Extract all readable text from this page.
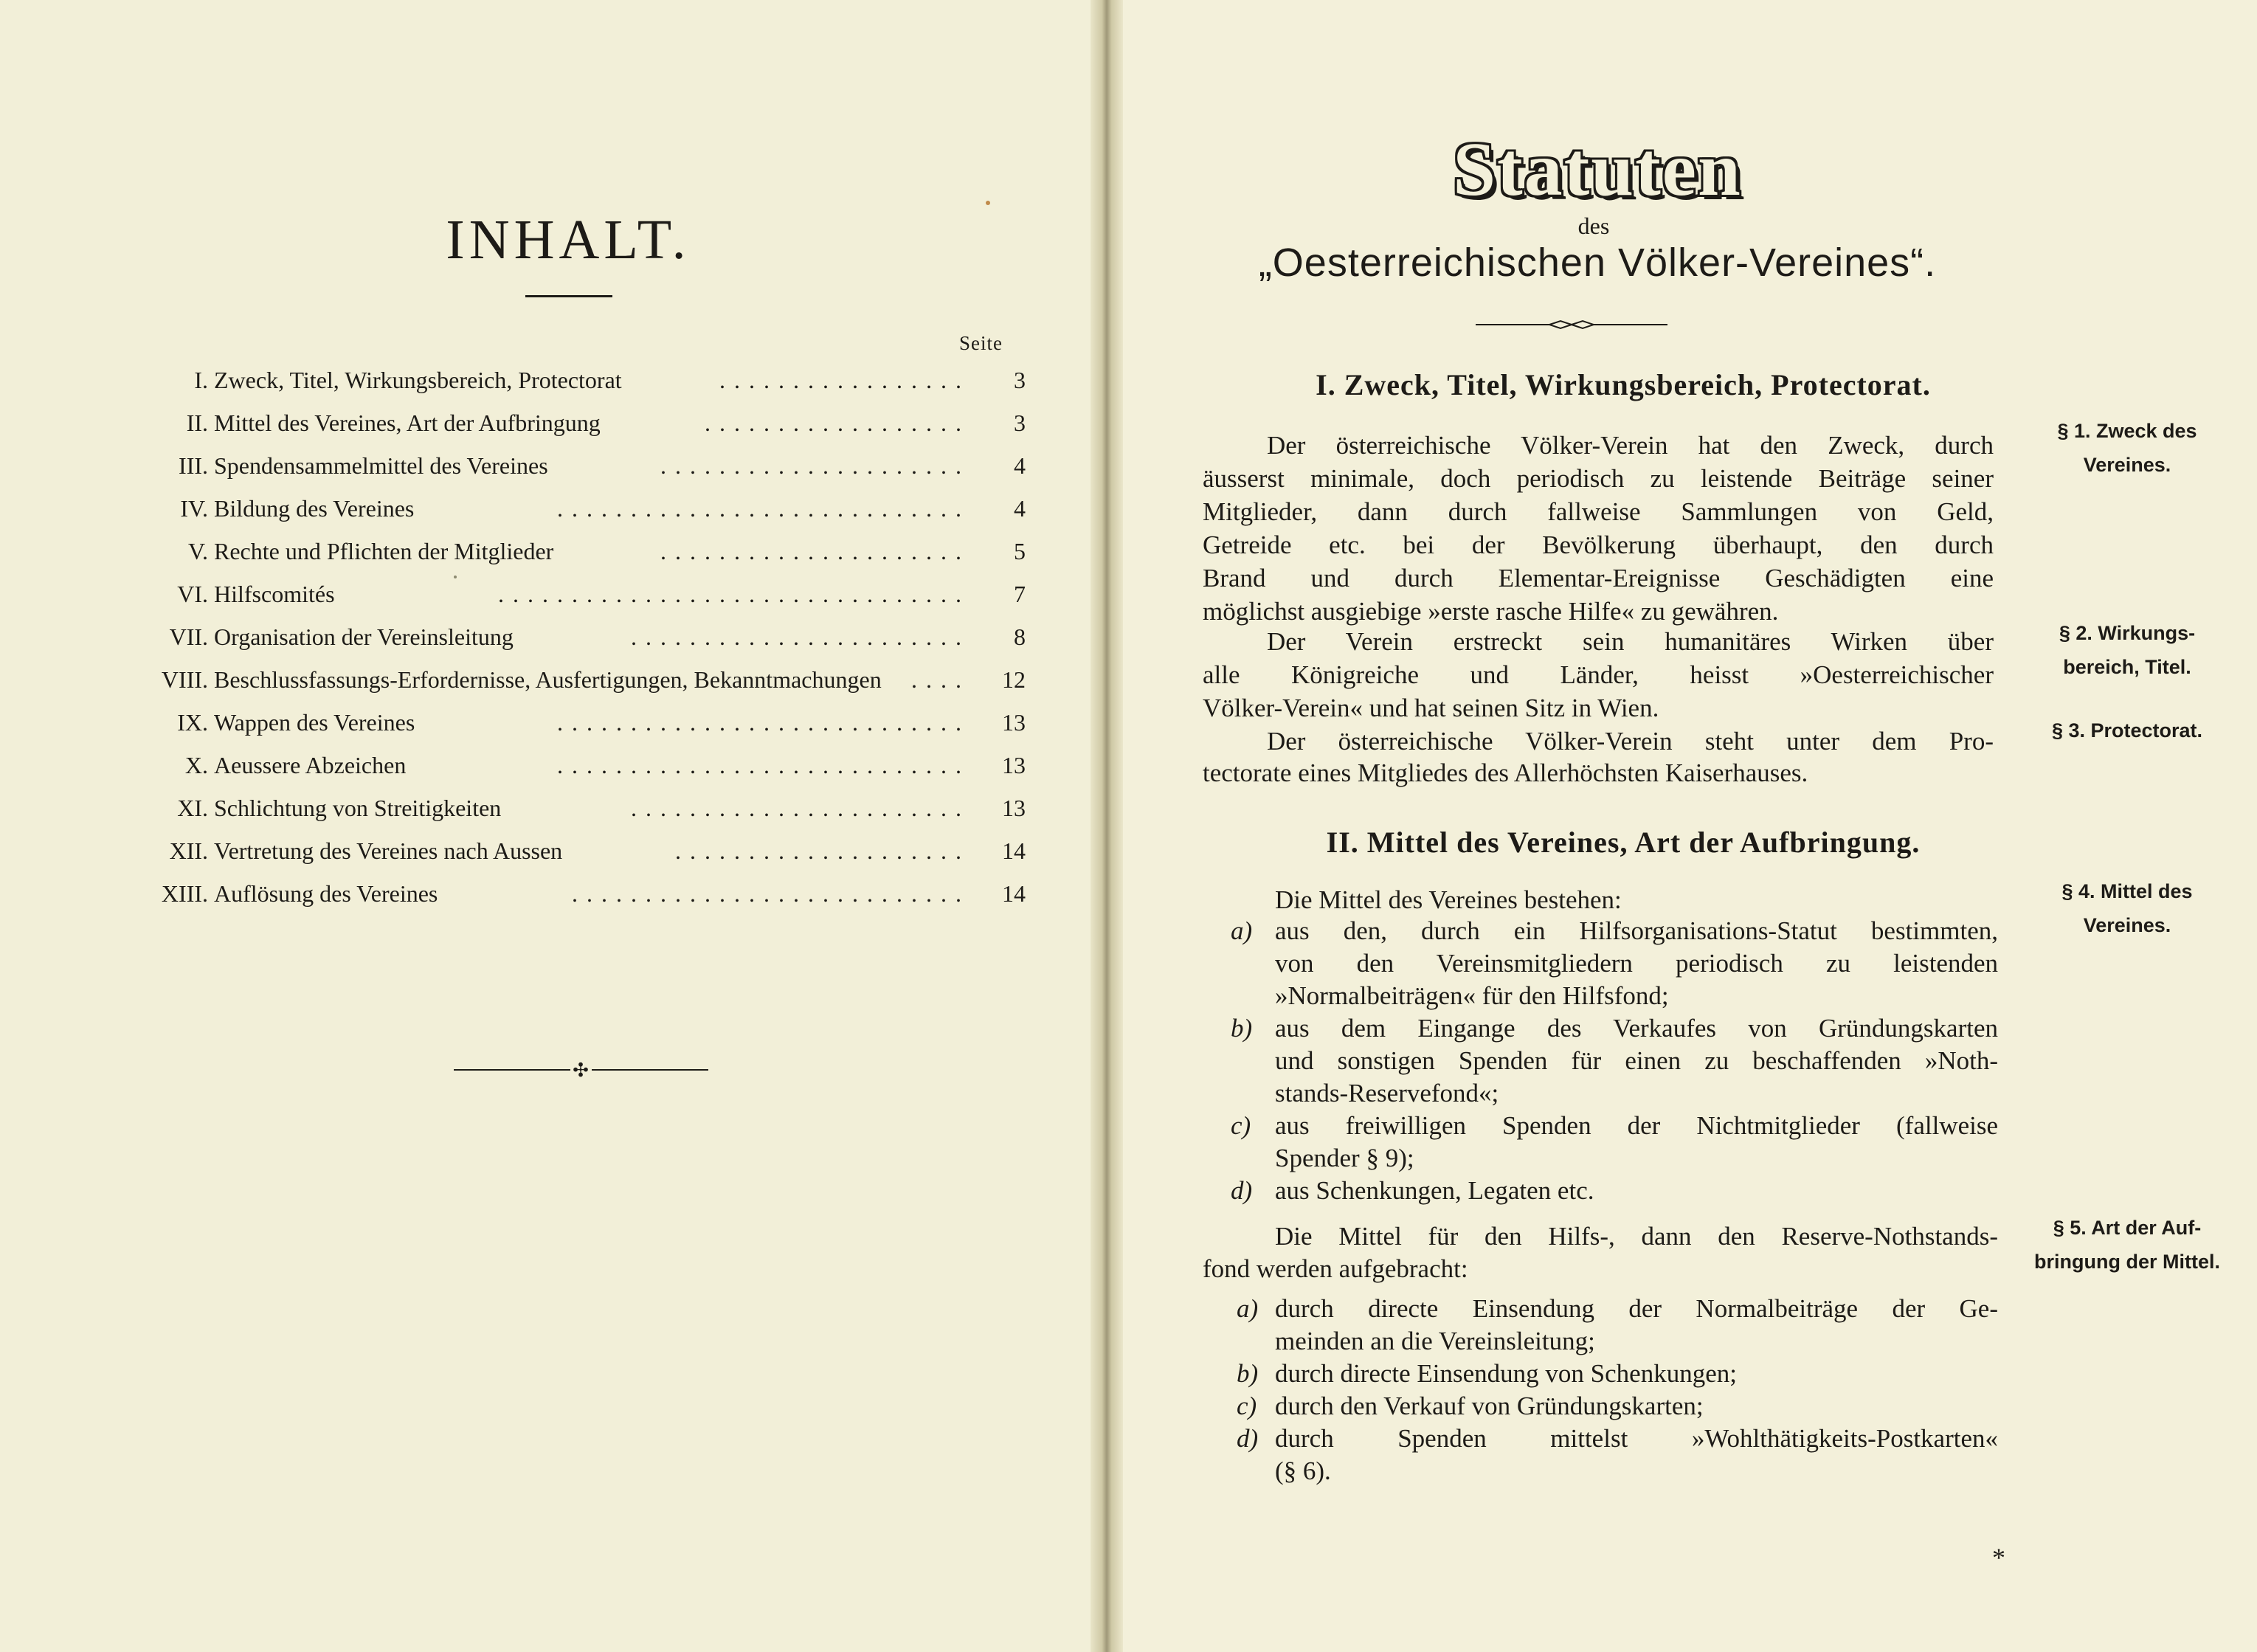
INHALT.
Seite
I. Zweck, Titel, Wirkungsbereich, Protectorat	3
.................
II. Mittel des Vereines, Art der Aufbringung	3
..................
III. Spendensammelmittel des Vereines	4
.....................
IV. Bildung des Vereines	4
............................
V. Rechte und Pflichten der Mitglieder	5
.....................
VI. Hilfscomités	7
................................
VII. Organisation der Vereinsleitung	8
.......................
VIII. Beschlussfassungs-Erfordernisse, Ausfertigungen, Bekanntmachungen	12
....
IX. Wappen des Vereines	13
............................
X. Aeussere Abzeichen	13
............................
XI. Schlichtung von Streitigkeiten	13
.......................
XII. Vertretung des Vereines nach Aussen	14
....................
XIII. Auflösung des Vereines	14
...........................
✣
Statuten
des
„Oesterreichischen Völker-Vereines“.
I. Zweck, Titel, Wirkungsbereich, Protectorat.
Der österreichische Völker-Verein hat den Zweck, durch
äusserst minimale, doch periodisch zu leistende Beiträge seiner
Mitglieder, dann durch fallweise Sammlungen von Geld,
Getreide etc. bei der Bevölkerung überhaupt, den durch
Brand und durch Elementar-Ereignisse Geschädigten eine
möglichst ausgiebige »erste rasche Hilfe« zu gewähren.
Der Verein erstreckt sein humanitäres Wirken über
alle Königreiche und Länder, heisst »Oesterreichischer
Völker-Verein« und hat seinen Sitz in Wien.
Der österreichische Völker-Verein steht unter dem Pro-
tectorate eines Mitgliedes des Allerhöchsten Kaiserhauses.
§ 1. Zweck des
Vereines.
§ 2. Wirkungs-
bereich, Titel.
§ 3. Protectorat.
II. Mittel des Vereines, Art der Aufbringung.
Die Mittel des Vereines bestehen:
a) aus den, durch ein Hilfsorganisations-Statut bestimmten,
von den Vereinsmitgliedern periodisch zu leistenden
»Normalbeiträgen« für den Hilfsfond;
b) aus dem Eingange des Verkaufes von Gründungskarten
und sonstigen Spenden für einen zu beschaffenden »Noth-
stands-Reservefond«;
c) aus freiwilligen Spenden der Nichtmitglieder (fallweise
Spender § 9);
d) aus Schenkungen, Legaten etc.
Die Mittel für den Hilfs-, dann den Reserve-Nothstands-
fond werden aufgebracht:
a) durch directe Einsendung der Normalbeiträge der Ge-
meinden an die Vereinsleitung;
b) durch directe Einsendung von Schenkungen;
c) durch den Verkauf von Gründungskarten;
d) durch Spenden mittelst »Wohlthätigkeits-Postkarten«
(§ 6).
§ 4. Mittel des
Vereines.
§ 5. Art der Auf-
bringung der Mittel.
*
